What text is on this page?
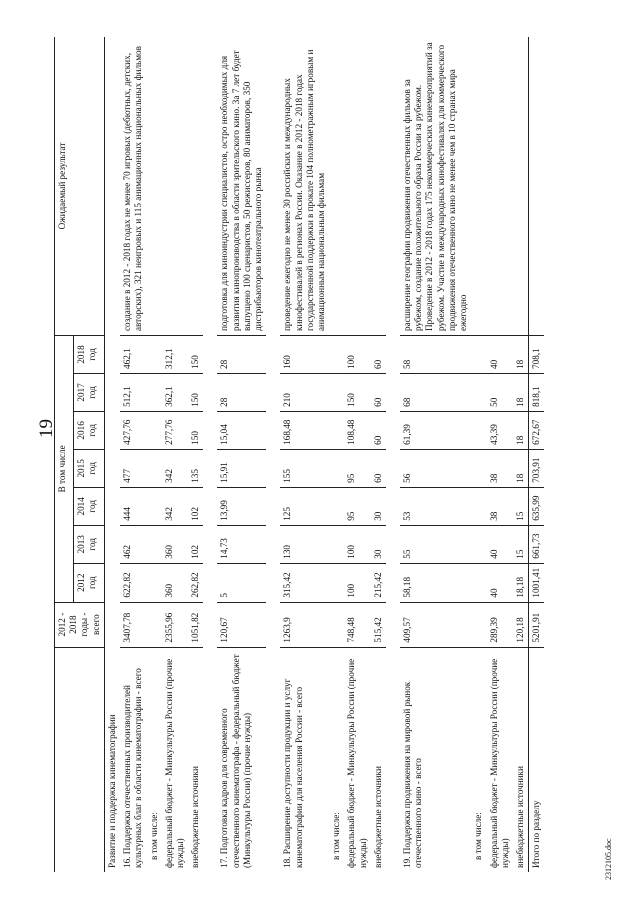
19
2312105.doc
	2012 - 2018 годы - всего	В том числе							Ожидаемый результат
		2012 год	2013 год	2014 год	2015 год	2016 год	2017 год	2018 год	
Развитие и поддержка кинематографии									
16. Поддержка отечественных производителей культурных благ в области кинематографии - всего	3407,78	622,82	462	444	477	427,76	512,1	462,1	создание в 2012 - 2018 годах не менее 70 игровых (дебютных, детских, авторских), 321 неигровых и 115 анимационных национальных фильмов
в том числе:									
федеральный бюджет - Минкультуры России (прочие нужды)	2355,96	360	360	342	342	277,76	362,1	312,1	
внебюджетные источники	1051,82	262,82	102	102	135	150	150	150	

17. Подготовка кадров для современного отечественного кинематографа - федеральный бюджет (Минкультуры России) (прочие нужды)	120,67	5	14,73	13,99	15,91	15,04	28	28	подготовка для киноиндустрии специалистов, остро необходимых для развития кинопроизводства в области зрительского кино. За 7 лет будет выпущено 100 сценаристов, 50 режиссеров, 80 аниматоров, 350 дистрибьюторов кинотеатрального рынка

18. Расширение доступности продукции и услуг кинематографии для населения России - всего	1263,9	315,42	130	125	155	168,48	210	160	проведение ежегодно не менее 30 российских и международных кинофестивалей в регионах России. Оказание в 2012 - 2018 годах государственной поддержки в прокате 104 полнометражным игровым и анимационным национальным фильмам
в том числе:									
федеральный бюджет - Минкультуры России (прочие нужды)	748,48	100	100	95	95	108,48	150	100	
внебюджетные источники	515,42	215,42	30	30	60	60	60	60	

19. Поддержка продвижения на мировой рынок отечественного кино - всего	409,57	58,18	55	53	56	61,39	68	58	расширение географии продвижения отечественных фильмов за рубежом, создание положительного образа России за рубежом. Проведение в 2012 - 2018 годах 175 некоммерческих кинемероприятий за рубежом. Участие в международных кинофестивалях для коммерческого продвижения отечественного кино не менее чем в 10 странах мира ежегодно
в том числе:									
федеральный бюджет - Минкультуры России (прочие нужды)	289,39	40	40	38	38	43,39	50	40	
внебюджетные источники	120,18	18,18	15	15	18	18	18	18	
Итого по разделу	5201,91	1001,41	661,73	635,99	703,91	672,67	818,1	708,1	
